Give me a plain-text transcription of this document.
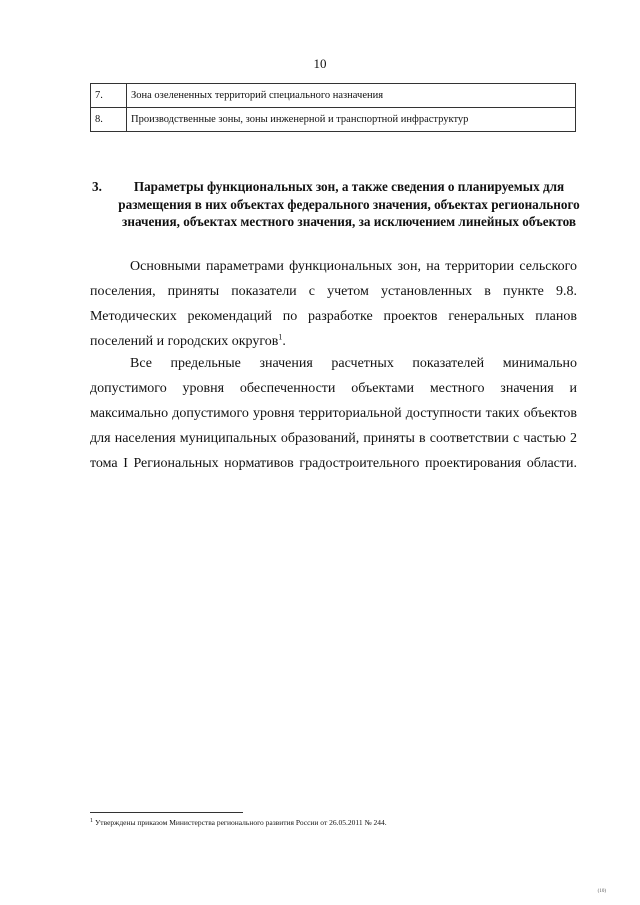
10
7.	Зона озелененных территорий специального назначения
8.	Производственные зоны, зоны инженерной и транспортной инфраструктур
3.	Параметры функциональных зон, а также сведения о планируемых для размещения в них объектах федерального значения, объектах регионального значения, объектах местного значения, за исключением линейных объектов

Основными параметрами функциональных зон, на территории сельского поселения, приняты показатели с учетом установленных в пункте 9.8. Методических рекомендаций по разработке проектов генеральных планов поселений и городских округов$^1$.

Все предельные значения расчетных показателей минимально допустимого уровня обеспеченности объектами местного значения и максимально допустимого уровня территориальной доступности таких объектов для населения муниципальных образований, приняты в соответствии с частью 2 тома I Региональных нормативов градостроительного проектирования области.

$^1$ Утверждены приказом Министерства регионального развития России от 26.05.2011 № 244.
(10)
